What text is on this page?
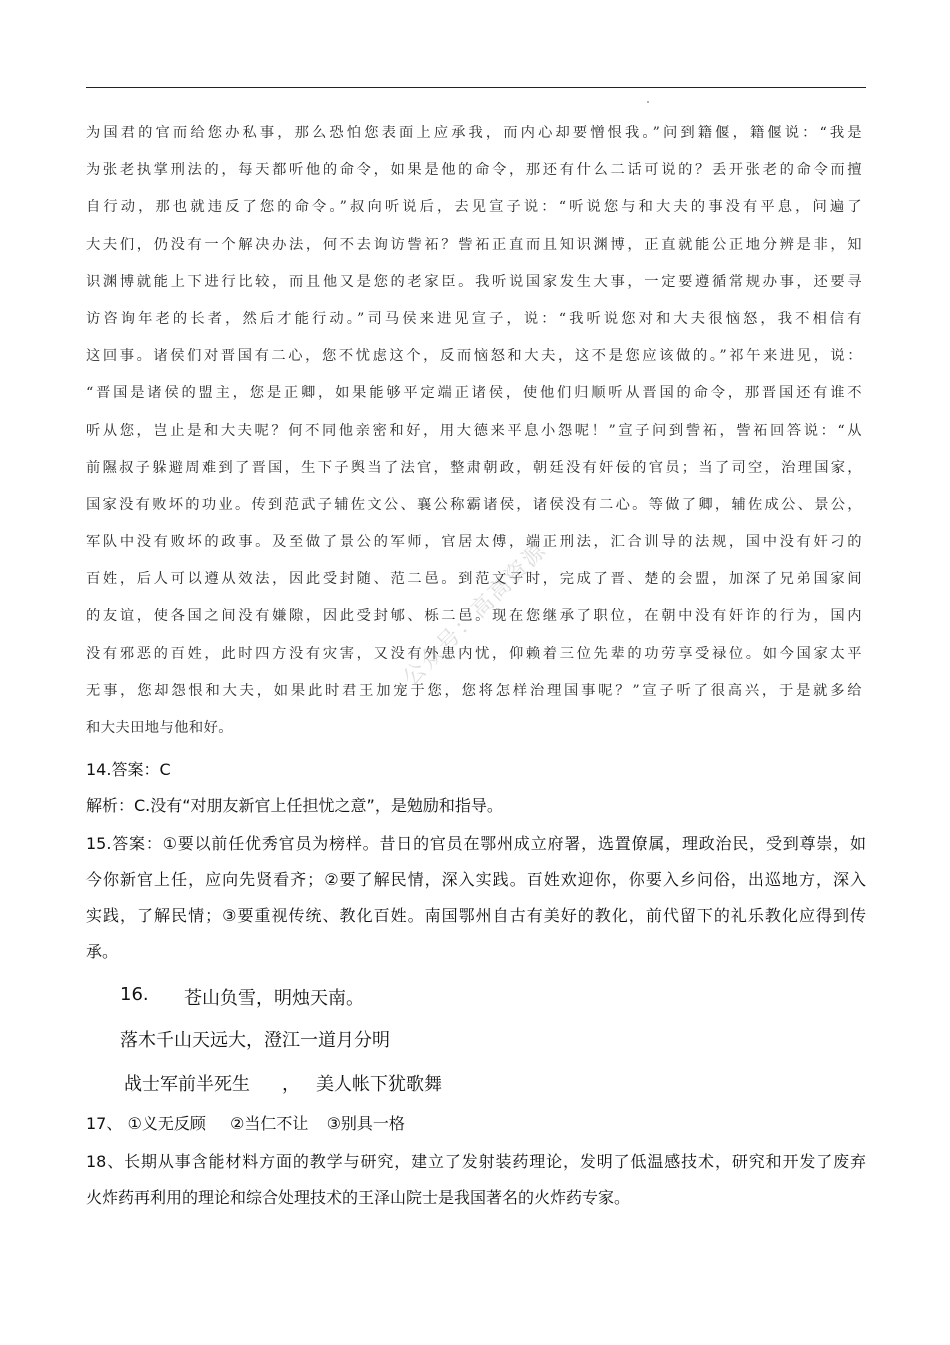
为国君的官而给您办私事，那么恐怕您表面上应承我，而内心却要憎恨我。”问到籍偃，籍偃说：“我是
为张老执掌刑法的，每天都听他的命令，如果是他的命令，那还有什么二话可说的？丢开张老的命令而擅
自行动，那也就违反了您的命令。”叔向听说后，去见宣子说：“听说您与和大夫的事没有平息，问遍了
大夫们，仍没有一个解决办法，何不去询访訾祏？訾祏正直而且知识渊博，正直就能公正地分辨是非，知
识渊博就能上下进行比较，而且他又是您的老家臣。我听说国家发生大事，一定要遵循常规办事，还要寻
访咨询年老的长者，然后才能行动。”司马侯来进见宣子，说：“我听说您对和大夫很恼怒，我不相信有
这回事。诸侯们对晋国有二心，您不忧虑这个，反而恼怒和大夫，这不是您应该做的。”祁午来进见，说：
“晋国是诸侯的盟主，您是正卿，如果能够平定端正诸侯，使他们归顺听从晋国的命令，那晋国还有谁不
听从您，岂止是和大夫呢？何不同他亲密和好，用大德来平息小怨呢！”宣子问到訾祏，訾祏回答说：“从
前隰叔子躲避周难到了晋国，生下子舆当了法官，整肃朝政，朝廷没有奸佞的官员；当了司空，治理国家，
国家没有败坏的功业。传到范武子辅佐文公、襄公称霸诸侯，诸侯没有二心。等做了卿，辅佐成公、景公，
军队中没有败坏的政事。及至做了景公的军师，官居太傅，端正刑法，汇合训导的法规，国中没有奸刁的
百姓，后人可以遵从效法，因此受封随、范二邑。到范文子时，完成了晋、楚的会盟，加深了兄弟国家间
的友谊，使各国之间没有嫌隙，因此受封郇、栎二邑。现在您继承了职位，在朝中没有奸诈的行为，国内
没有邪恶的百姓，此时四方没有灾害，又没有外患内忧，仰赖着三位先辈的功劳享受禄位。如今国家太平
无事，您却怨恨和大夫，如果此时君王加宠于您，您将怎样治理国事呢？”宣子听了很高兴，于是就多给
和大夫田地与他和好。
14.答案：C
解析：C.没有“对朋友新官上任担忧之意”，是勉励和指导。
15.答案：①要以前任优秀官员为榜样。昔日的官员在鄂州成立府署，选置僚属，理政治民，受到尊崇，如
今你新官上任，应向先贤看齐；②要了解民情，深入实践。百姓欢迎你，你要入乡问俗，出巡地方，深入
实践，了解民情；③要重视传统、教化百姓。南国鄂州自古有美好的教化，前代留下的礼乐教化应得到传
承。
16. 苍山负雪，明烛天南。
落木千山天远大，澄江一道月分明
战士军前半死生 ， 美人帐下犹歌舞
17、 ①义无反顾 ②当仁不让 ③别具一格
18、长期从事含能材料方面的教学与研究，建立了发射装药理论，发明了低温感技术，研究和开发了废弃
火炸药再利用的理论和综合处理技术的王泽山院士是我国著名的火炸药专家。
公众号：高高资源
